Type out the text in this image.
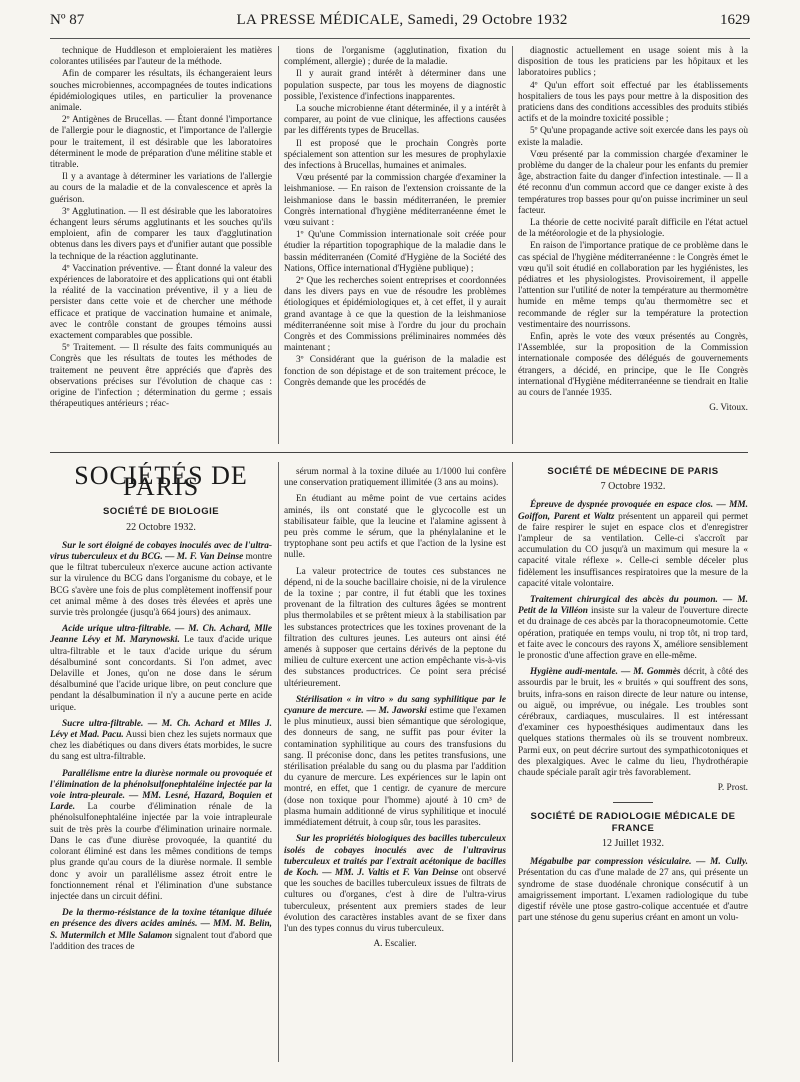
Nº 87	LA PRESSE MÉDICALE, Samedi, 29 Octobre 1932	1629

technique de Huddleson et emploieraient les matières colorantes utilisées par l'auteur de la méthode.

Afin de comparer les résultats, ils échangeraient leurs souches microbiennes, accompagnées de toutes indications épidémiologiques utiles, en particulier la provenance animale.

2º Antigènes de Brucellas. — Étant donné l'importance de l'allergie pour le diagnostic, et l'importance de l'allergie pour le traitement, il est désirable que les laboratoires déterminent le mode de préparation d'une mélitine stable et titrable.

Il y a avantage à déterminer les variations de l'allergie au cours de la maladie et de la convalescence et après la guérison.

3º Agglutination. — Il est désirable que les laboratoires échangent leurs sérums agglutinants et les souches qu'ils emploient, afin de comparer les taux d'agglutination obtenus dans les divers pays et d'unifier autant que possible la technique de la réaction agglutinante.

4º Vaccination préventive. — Étant donné la valeur des expériences de laboratoire et des applications qui ont établi la réalité de la vaccination préventive, il y a lieu de persister dans cette voie et de chercher une méthode efficace et pratique de vaccination humaine et animale, avec le contrôle constant de groupes témoins aussi exactement comparables que possible.

5º Traitement. — Il résulte des faits communiqués au Congrès que les résultats de toutes les méthodes de traitement ne peuvent être appréciés que d'après des observations précises sur l'évolution de chaque cas : origine de l'infection ; détermination du germe ; essais thérapeutiques antérieurs ; réac-

tions de l'organisme (agglutination, fixation du complément, allergie) ; durée de la maladie.

Il y aurait grand intérêt à déterminer dans une population suspecte, par tous les moyens de diagnostic possible, l'existence d'infections inapparentes.

La souche microbienne étant déterminée, il y a intérêt à comparer, au point de vue clinique, les affections causées par les différents types de Brucellas.

Il est proposé que le prochain Congrès porte spécialement son attention sur les mesures de prophylaxie des infections à Brucellas, humaines et animales.

Vœu présenté par la commission chargée d'examiner la leishmaniose. — En raison de l'extension croissante de la leishmaniose dans le bassin méditerranéen, le premier Congrès international d'hygiène méditerranéenne émet le vœu suivant :

1º Qu'une Commission internationale soit créée pour étudier la répartition topographique de la maladie dans le bassin méditerranéen (Comité d'Hygiène de la Société des Nations, Office international d'Hygiène publique) ;

2º Que les recherches soient entreprises et coordonnées dans les divers pays en vue de résoudre les problèmes étiologiques et épidémiologiques et, à cet effet, il y aurait grand avantage à ce que la question de la leishmaniose méditerranéenne soit mise à l'ordre du jour du prochain Congrès et des Commissions préliminaires nommées dès maintenant ;

3º Considérant que la guérison de la maladie est fonction de son dépistage et de son traitement précoce, le Congrès demande que les procédés de

diagnostic actuellement en usage soient mis à la disposition de tous les praticiens par les hôpitaux et les laboratoires publics ;

4º Qu'un effort soit effectué par les établissements hospitaliers de tous les pays pour mettre à la disposition des praticiens dans des conditions accessibles des produits stibiés actifs et de la moindre toxicité possible ;

5º Qu'une propagande active soit exercée dans les pays où existe la maladie.

Vœu présenté par la commission chargée d'examiner le problème du danger de la chaleur pour les enfants du premier âge, abstraction faite du danger d'infection intestinale. — Il a été reconnu d'un commun accord que ce danger existe à des températures trop basses pour qu'on puisse incriminer un seul facteur.

La théorie de cette nocivité paraît difficile en l'état actuel de la météorologie et de la physiologie.

En raison de l'importance pratique de ce problème dans le cas spécial de l'hygiène méditerranéenne : le Congrès émet le vœu qu'il soit étudié en collaboration par les hygiénistes, les pédiatres et les physiologistes. Provisoirement, il appelle l'attention sur l'utilité de noter la température au thermomètre humide en même temps qu'au thermomètre sec et recommande de régler sur la température la protection vestimentaire des nourrissons.

Enfin, après le vote des vœux présentés au Congrès, l'Assemblée, sur la proposition de la Commission internationale composée des délégués de gouvernements étrangers, a décidé, en principe, que le IIe Congrès international d'Hygiène méditerranéenne se tiendrait en Italie au cours de l'année 1935.

G. Vitoux.
SOCIÉTÉS DE PARIS
SOCIÉTÉ DE BIOLOGIE
22 Octobre 1932.

Sur le sort éloigné de cobayes inoculés avec de l'ultra-virus tuberculeux et du BCG. — M. F. Van Deinse montre que le filtrat tuberculeux n'exerce aucune action activante sur la virulence du BCG dans l'organisme du cobaye, et le BCG s'avère une fois de plus complètement inoffensif pour cet animal même à des doses très élevées et après une survie très prolongée (jusqu'à 664 jours) des animaux.

Acide urique ultra-filtrable. — M. Ch. Achard, Mlle Jeanne Lévy et M. Marynowski. Le taux d'acide urique ultra-filtrable et le taux d'acide urique du sérum désalbuminé sont concordants. Si l'on admet, avec Delaville et Jones, qu'on ne dose dans le sérum désalbuminé que l'acide urique libre, on peut conclure que pendant la désalbumination il n'y a aucune perte en acide urique.

Sucre ultra-filtrable. — M. Ch. Achard et Mlles J. Lévy et Mad. Pacu. Aussi bien chez les sujets normaux que chez les diabétiques ou dans divers états morbides, le sucre du sang est ultra-filtrable.

Parallélisme entre la diurèse normale ou provoquée et l'élimination de la phénolsulfonephtaléine injectée par la voie intra-pleurale. — MM. Lesné, Hazard, Boquien et Larde. La courbe d'élimination rénale de la phénolsulfonephtaléine injectée par la voie intrapleurale suit de très près la courbe d'élimination urinaire normale. Dans le cas d'une diurèse provoquée, la quantité du colorant éliminé est dans les mêmes conditions de temps plus grande qu'au cours de la diurèse normale. Il semble donc y avoir un parallélisme assez étroit entre le fonctionnement rénal et l'élimination d'une substance injectée dans un circuit défini.

De la thermo-résistance de la toxine tétanique diluée en présence des divers acides aminés. — MM. M. Belin, S. Mutermilch et Mlle Salamon signalent tout d'abord que l'addition des traces de

sérum normal à la toxine diluée au 1/1000 lui confère une conservation pratiquement illimitée (3 ans au moins).

En étudiant au même point de vue certains acides aminés, ils ont constaté que le glycocolle est un stabilisateur faible, que la leucine et l'alamine agissent à peu près comme le sérum, que la phénylalanine et le tryptophane sont peu actifs et que l'action de la lysine est nulle.

La valeur protectrice de toutes ces substances ne dépend, ni de la souche bacillaire choisie, ni de la virulence de la toxine ; par contre, il fut établi que les toxines provenant de la filtration des cultures âgées se montrent plus thermolabiles et se prêtent mieux à la stabilisation par les substances protectrices que les toxines provenant de la filtration des cultures jeunes. Les auteurs ont ainsi été amenés à supposer que certains dérivés de la peptone du milieu de culture exercent une action empêchante vis-à-vis des substances productrices. Ce point sera précisé ultérieurement.

Stérilisation « in vitro » du sang syphilitique par le cyanure de mercure. — M. Jaworski estime que l'examen le plus minutieux, aussi bien sémantique que sérologique, des donneurs de sang, ne suffit pas pour éviter la contamination syphilitique au cours des transfusions du sang. Il préconise donc, dans les petites transfusions, une stérilisation préalable du sang ou du plasma par l'addition du cyanure de mercure. Les expériences sur le lapin ont montré, en effet, que 1 centigr. de cyanure de mercure (dose non toxique pour l'homme) ajouté à 10 cm³ de plasma humain additionné de virus syphilitique et inoculé immédiatement détruit, à coup sûr, tous les parasites.

Sur les propriétés biologiques des bacilles tuberculeux isolés de cobayes inoculés avec de l'ultravirus tuberculeux et traités par l'extrait acétonique de bacilles de Koch. — MM. J. Valtis et F. Van Deinse ont observé que les souches de bacilles tuberculeux issues de filtrats de cultures ou d'organes, c'est à dire de l'ultra-virus tuberculeux, présentent aux premiers stades de leur évolution des caractères instables avant de se fixer dans l'un des types connus du virus tuberculeux.

A. Escalier.
SOCIÉTÉ DE MÉDECINE DE PARIS
7 Octobre 1932.

Épreuve de dyspnée provoquée en espace clos. — MM. Goiffon, Parent et Waltz présentent un appareil qui permet de faire respirer le sujet en espace clos et d'enregistrer l'ampleur de sa ventilation. Celle-ci s'accroît par accumulation du CO jusqu'à un maximum qui mesure la « capacité vitale réflexe ». Celle-ci semble déceler plus fidèlement les insuffisances respiratoires que la mesure de la capacité vitale volontaire.

Traitement chirurgical des abcès du poumon. — M. Petit de la Villéon insiste sur la valeur de l'ouverture directe et du drainage de ces abcès par la thoracopneumotomie. Cette opération, pratiquée en temps voulu, ni trop tôt, ni trop tard, et faite avec le concours des rayons X, améliore sensiblement le pronostic d'une affection grave en elle-même.

Hygiène audi-mentale. — M. Gommès décrit, à côté des assourdis par le bruit, les « bruités » qui souffrent des sons, bruits, infra-sons en raison directe de leur nature ou intense, ou aiguë, ou imprévue, ou inégale. Les troubles sont cérébraux, cardiaques, musculaires. Il est intéressant d'examiner ces hypoesthésiques audimentaux dans les quelques stations thermales où ils se trouvent nombreux. Parmi eux, on peut décrire surtout des sympathicotoniques et des plexalgiques. Avec le calme du lieu, l'hydrothérapie chaude spéciale paraît agir très favorablement.

P. Prost.
SOCIÉTÉ DE RADIOLOGIE MÉDICALE DE FRANCE
12 Juillet 1932.

Mégabulbe par compression vésiculaire. — M. Cully. Présentation du cas d'une malade de 27 ans, qui présente un syndrome de stase duodénale chronique consécutif à un amaigrissement important. L'examen radiologique du tube digestif révèle une ptose gastro-colique accentuée et d'autre part une sténose du genu superius créant en amont un volu-
